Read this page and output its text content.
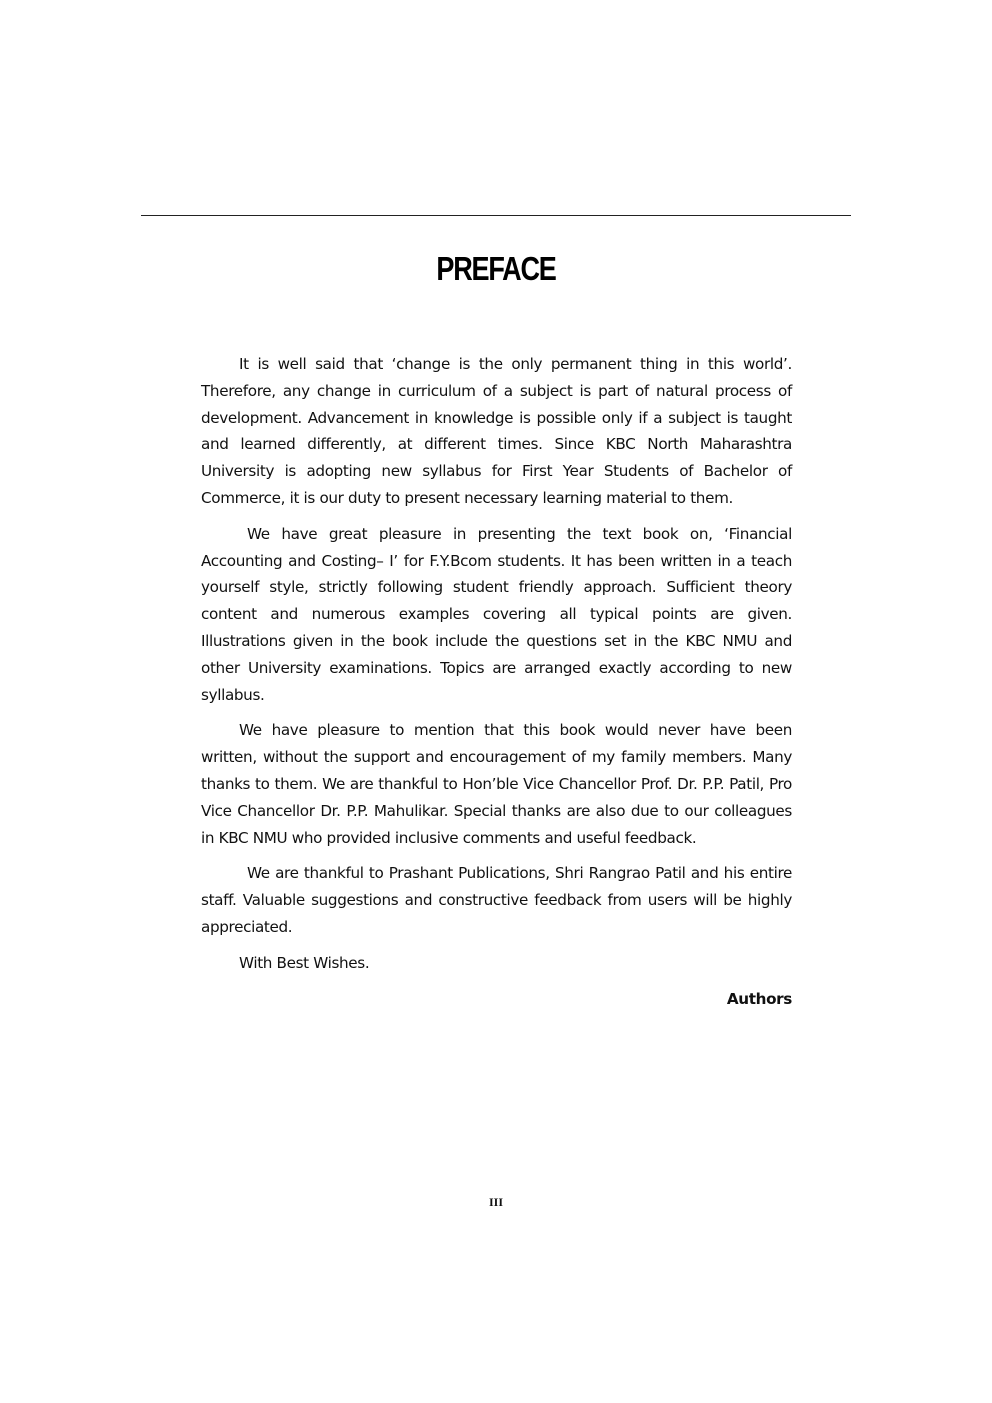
PREFACE

It is well said that ‘change is the only permanent thing in this world’. Therefore, any change in curriculum of a subject is part of natural process of development. Advancement in knowledge is possible only if a subject is taught and learned differently, at different times. Since KBC North Maharashtra University is adopting new syllabus for First Year Students of Bachelor of Commerce, it is our duty to present necessary learning material to them.

We have great pleasure in presenting the text book on, ‘Financial Accounting and Costing– I’ for F.Y.Bcom students. It has been written in a teach yourself style, strictly following student friendly approach. Sufficient theory content and numerous examples covering all typical points are given. Illustrations given in the book include the questions set in the KBC NMU and other University examinations. Topics are arranged exactly according to new syllabus.

We have pleasure to mention that this book would never have been written, without the support and encouragement of my family members. Many thanks to them. We are thankful to Hon’ble Vice Chancellor Prof. Dr. P.P. Patil, Pro Vice Chancellor Dr. P.P. Mahulikar. Special thanks are also due to our colleagues in KBC NMU who provided inclusive comments and useful feedback.

We are thankful to Prashant Publications, Shri Rangrao Patil and his entire staff. Valuable suggestions and constructive feedback from users will be highly appreciated.

With Best Wishes.

Authors
III
